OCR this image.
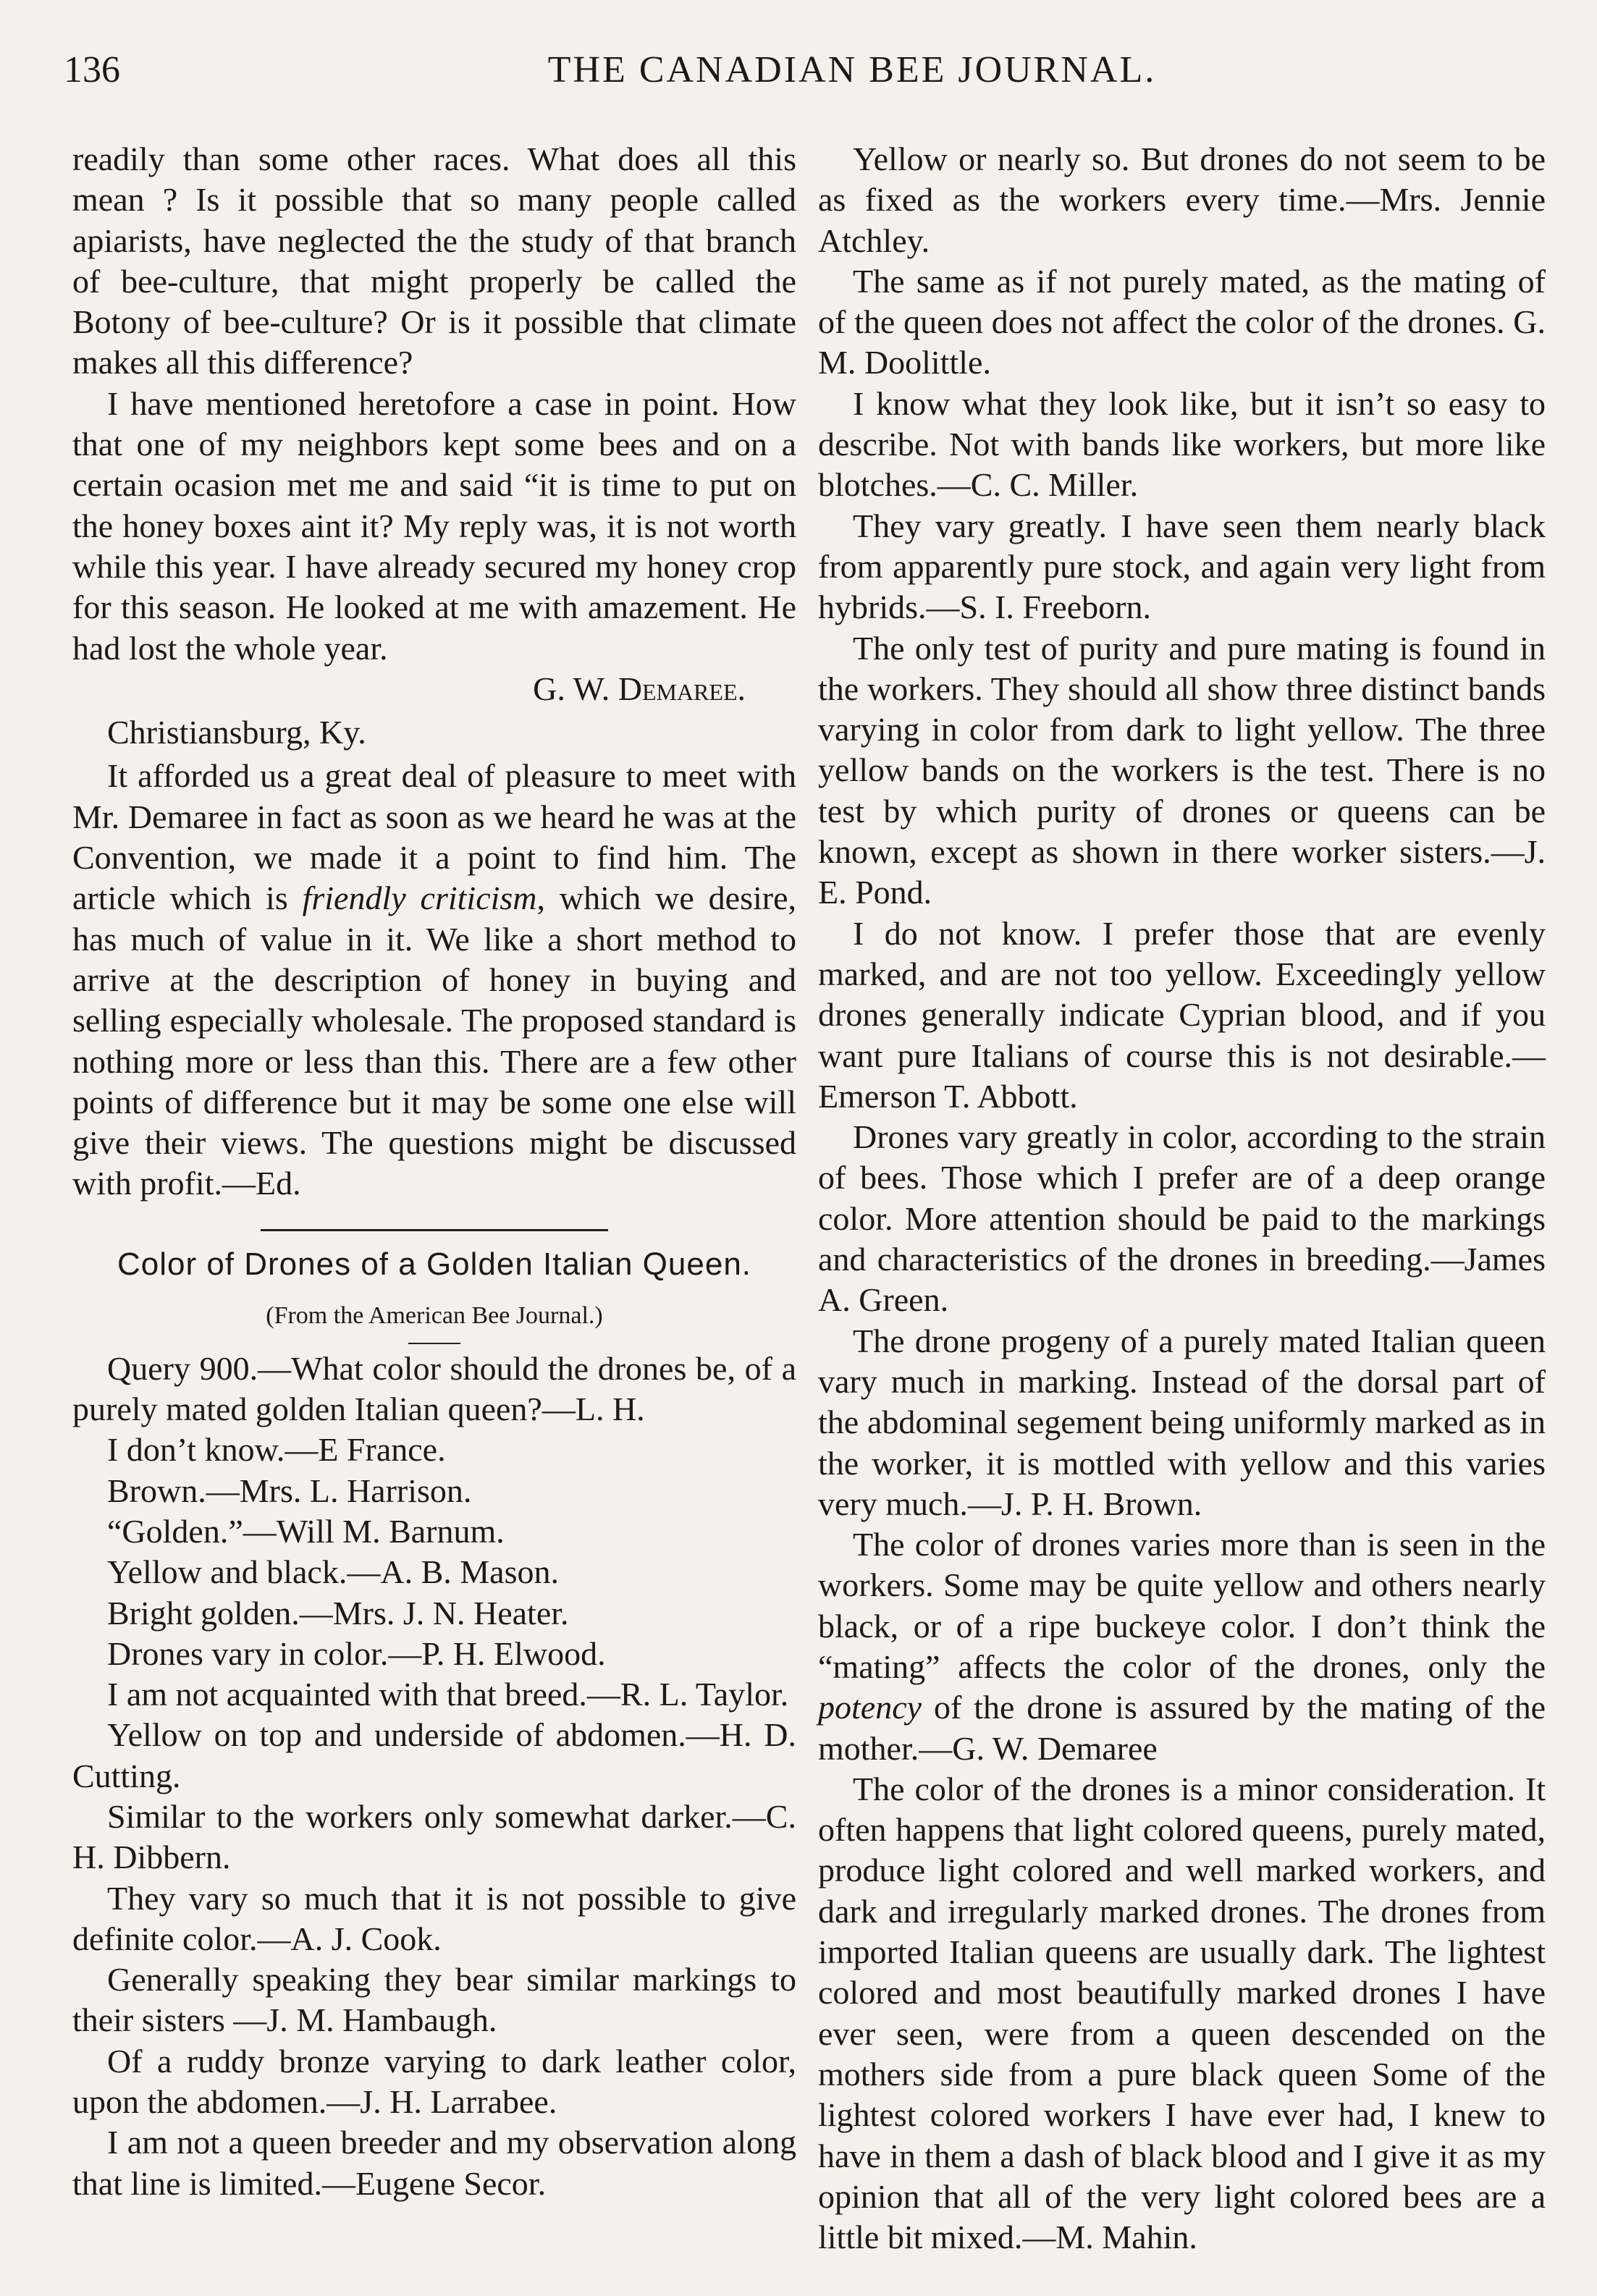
136	THE CANADIAN BEE JOURNAL.

readily than some other races. What does all this mean ? Is it possible that so many people called apiarists, have neglected the the study of that branch of bee-culture, that might properly be called the Botony of bee-culture? Or is it possible that climate makes all this difference?

I have mentioned heretofore a case in point. How that one of my neighbors kept some bees and on a certain ocasion met me and said “it is time to put on the honey boxes aint it? My reply was, it is not worth while this year. I have already secured my honey crop for this season. He looked at me with amazement. He had lost the whole year.

G. W. Demaree.

Christiansburg, Ky.

It afforded us a great deal of pleasure to meet with Mr. Demaree in fact as soon as we heard he was at the Convention, we made it a point to find him. The article which is friendly criticism, which we desire, has much of value in it. We like a short method to arrive at the description of honey in buying and selling especially wholesale. The proposed standard is nothing more or less than this. There are a few other points of difference but it may be some one else will give their views. The questions might be discussed with profit.—Ed.

Color of Drones of a Golden Italian Queen.
(From the American Bee Journal.)

Query 900.—What color should the drones be, of a purely mated golden Italian queen?—L. H.

I don’t know.—E France.

Brown.—Mrs. L. Harrison.

“Golden.”—Will M. Barnum.

Yellow and black.—A. B. Mason.

Bright golden.—Mrs. J. N. Heater.

Drones vary in color.—P. H. Elwood.

I am not acquainted with that breed.—R. L. Taylor.

Yellow on top and underside of abdomen.—H. D. Cutting.

Similar to the workers only somewhat darker.—C. H. Dibbern.

They vary so much that it is not possible to give definite color.—A. J. Cook.

Generally speaking they bear similar markings to their sisters —J. M. Hambaugh.

Of a ruddy bronze varying to dark leather color, upon the abdomen.—J. H. Larrabee.

I am not a queen breeder and my observation along that line is limited.—Eugene Secor.

Yellow or nearly so. But drones do not seem to be as fixed as the workers every time.—Mrs. Jennie Atchley.

The same as if not purely mated, as the mating of of the queen does not affect the color of the drones. G. M. Doolittle.

I know what they look like, but it isn’t so easy to describe. Not with bands like workers, but more like blotches.—C. C. Miller.

They vary greatly. I have seen them nearly black from apparently pure stock, and again very light from hybrids.—S. I. Freeborn.

The only test of purity and pure mating is found in the workers. They should all show three distinct bands varying in color from dark to light yellow. The three yellow bands on the workers is the test. There is no test by which purity of drones or queens can be known, except as shown in there worker sisters.—J. E. Pond.

I do not know. I prefer those that are evenly marked, and are not too yellow. Exceedingly yellow drones generally indicate Cyprian blood, and if you want pure Italians of course this is not desirable.—Emerson T. Abbott.

Drones vary greatly in color, according to the strain of bees. Those which I prefer are of a deep orange color. More attention should be paid to the markings and characteristics of the drones in breeding.—James A. Green.

The drone progeny of a purely mated Italian queen vary much in marking. Instead of the dorsal part of the abdominal segement being uniformly marked as in the worker, it is mottled with yellow and this varies very much.—J. P. H. Brown.

The color of drones varies more than is seen in the workers. Some may be quite yellow and others nearly black, or of a ripe buckeye color. I don’t think the “mating” affects the color of the drones, only the potency of the drone is assured by the mating of the mother.—G. W. Demaree

The color of the drones is a minor consideration. It often happens that light colored queens, purely mated, produce light colored and well marked workers, and dark and irregularly marked drones. The drones from imported Italian queens are usually dark. The lightest colored and most beautifully marked drones I have ever seen, were from a queen descended on the mothers side from a pure black queen Some of the lightest colored workers I have ever had, I knew to have in them a dash of black blood and I give it as my opinion that all of the very light colored bees are a little bit mixed.—M. Mahin.
